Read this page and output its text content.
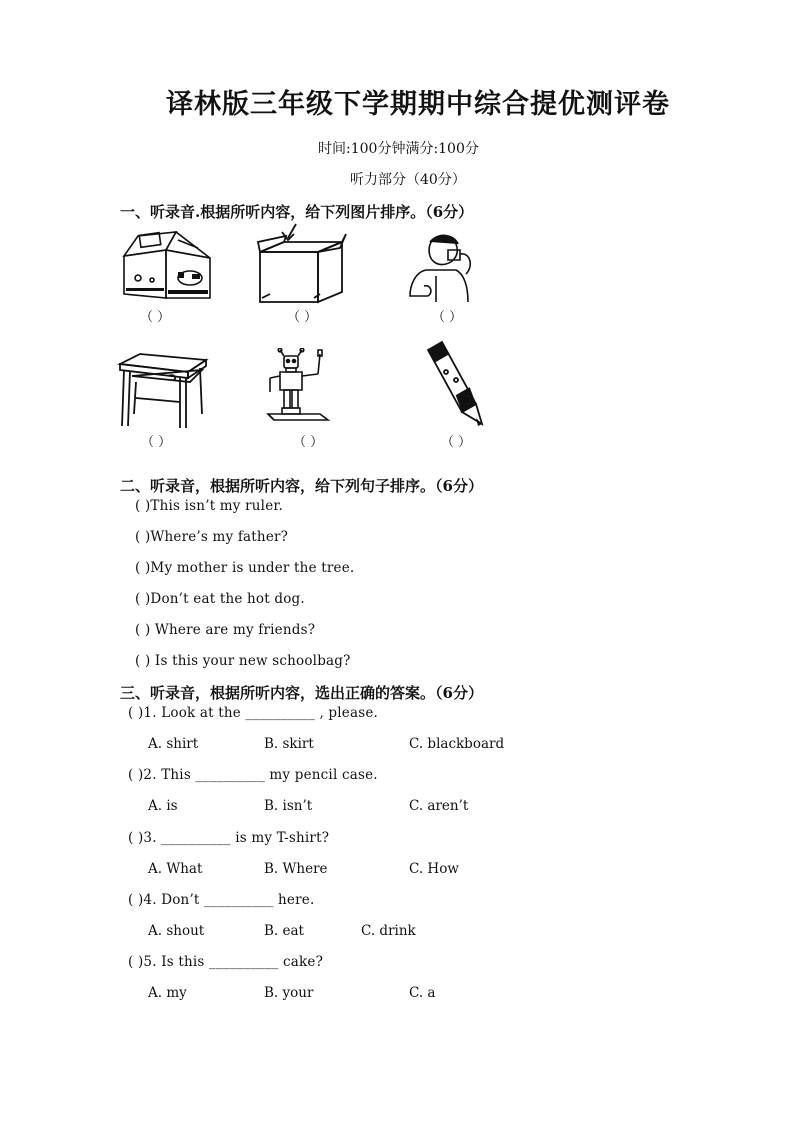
译林版三年级下学期期中综合提优测评卷
时间:100分钟满分:100分
听力部分（40分）
一、听录音.根据所听内容，给下列图片排序。（6分）
（ ）	（ ）	（ ）
（ ）	（ ）	（ ）
二、听录音，根据所听内容，给下列句子排序。（6分）
( )This isn’t my ruler.
( )Where’s my father?
( )My mother is under the tree.
( )Don’t eat the hot dog.
( ) Where are my friends?
( ) Is this your new schoolbag?
三、听录音，根据所听内容，选出正确的答案。（6分）
( )1. Look at the __________ , please.
A. shirt	B. skirt	C. blackboard
( )2. This __________ my pencil case.
A. is	B. isn’t	C. aren’t
( )3. __________ is my T-shirt?
A. What	B. Where	C. How
( )4. Don’t __________ here.
A. shout	B. eat	C. drink
( )5. Is this __________ cake?
A. my	B. your	C. a
